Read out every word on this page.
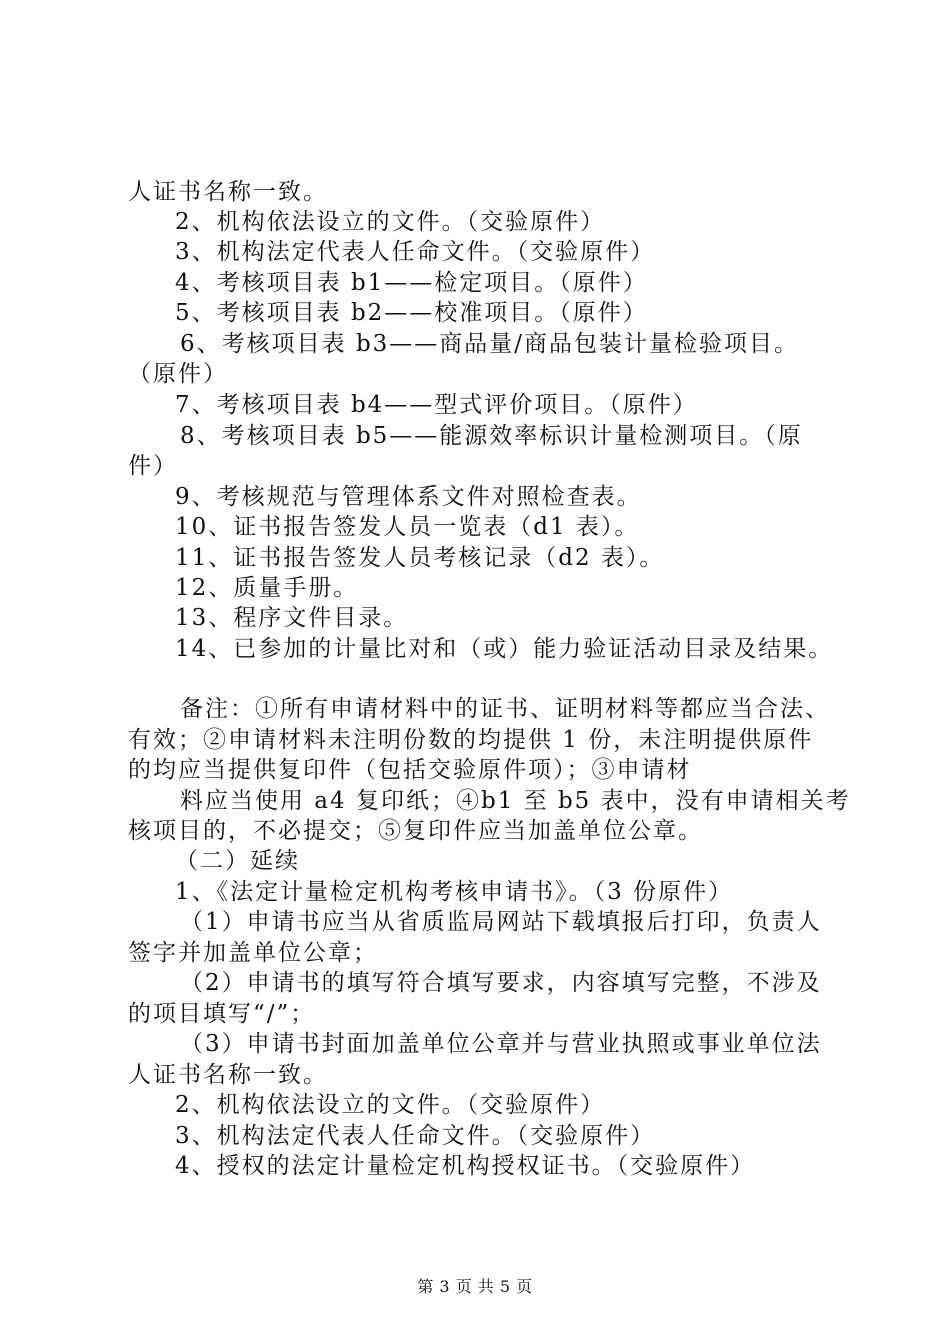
人证书名称一致。

2、机构依法设立的文件。（交验原件）

3、机构法定代表人任命文件。（交验原件）

4、考核项目表 b1——检定项目。（原件）

5、考核项目表 b2——校准项目。（原件）

6、考核项目表 b3——商品量/商品包装计量检验项目。

（原件）

7、考核项目表 b4——型式评价项目。（原件）

8、考核项目表 b5——能源效率标识计量检测项目。（原

件）

9、考核规范与管理体系文件对照检查表。

10、证书报告签发人员一览表（d1 表）。

11、证书报告签发人员考核记录（d2 表）。

12、质量手册。

13、程序文件目录。

14、已参加的计量比对和（或）能力验证活动目录及结果。

备注：①所有申请材料中的证书、证明材料等都应当合法、

有效；②申请材料未注明份数的均提供 1 份，未注明提供原件

的均应当提供复印件（包括交验原件项）；③申请材

料应当使用 a4 复印纸；④b1 至 b5 表中，没有申请相关考

核项目的，不必提交；⑤复印件应当加盖单位公章。

（二）延续

1、《法定计量检定机构考核申请书》。（3 份原件）

（1）申请书应当从省质监局网站下载填报后打印，负责人

签字并加盖单位公章；

（2）申请书的填写符合填写要求，内容填写完整，不涉及

的项目填写“/”；

（3）申请书封面加盖单位公章并与营业执照或事业单位法

人证书名称一致。

2、机构依法设立的文件。（交验原件）

3、机构法定代表人任命文件。（交验原件）

4、授权的法定计量检定机构授权证书。（交验原件）

第 3 页 共 5 页
